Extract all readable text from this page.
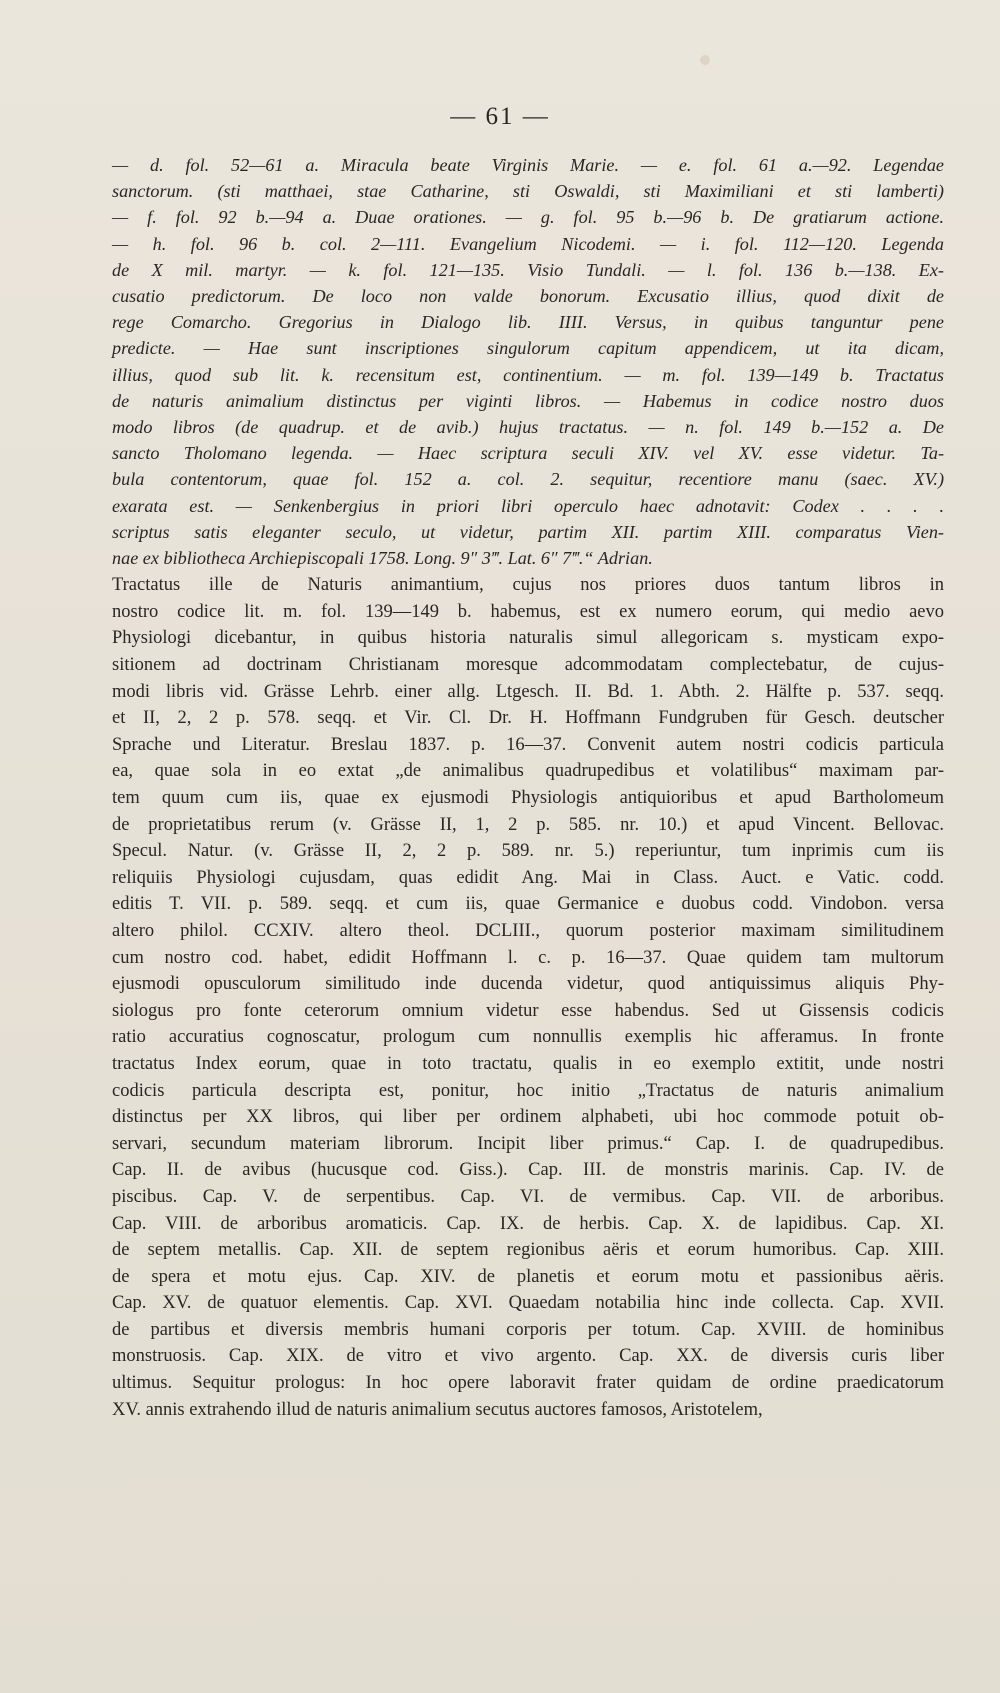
— 61 —
— d. fol. 52—61 a. Miracula beate Virginis Marie. — e. fol. 61 a.—92. Legendae
sanctorum. (sti matthaei, stae Catharine, sti Oswaldi, sti Maximiliani et sti lamberti)
— f. fol. 92 b.—94 a. Duae orationes. — g. fol. 95 b.—96 b. De gratiarum actione.
— h. fol. 96 b. col. 2—111. Evangelium Nicodemi. — i. fol. 112—120. Legenda
de X mil. martyr. — k. fol. 121—135. Visio Tundali. — l. fol. 136 b.—138. Ex-
cusatio predictorum. De loco non valde bonorum. Excusatio illius, quod dixit de
rege Comarcho. Gregorius in Dialogo lib. IIII. Versus, in quibus tanguntur pene
predicte. — Hae sunt inscriptiones singulorum capitum appendicem, ut ita dicam,
illius, quod sub lit. k. recensitum est, continentium. — m. fol. 139—149 b. Tractatus
de naturis animalium distinctus per viginti libros. — Habemus in codice nostro duos
modo libros (de quadrup. et de avib.) hujus tractatus. — n. fol. 149 b.—152 a. De
sancto Tholomano legenda. — Haec scriptura seculi XIV. vel XV. esse videtur. Ta-
bula contentorum, quae fol. 152 a. col. 2. sequitur, recentiore manu (saec. XV.)
exarata est. — Senkenbergius in priori libri operculo haec adnotavit: Codex . . . .
scriptus satis eleganter seculo, ut videtur, partim XII. partim XIII. comparatus Vien-
nae ex bibliotheca Archiepiscopali 1758. Long. 9″ 3‴. Lat. 6″ 7‴.“ Adrian.
Tractatus ille de Naturis animantium, cujus nos priores duos tantum libros in
nostro codice lit. m. fol. 139—149 b. habemus, est ex numero eorum, qui medio aevo
Physiologi dicebantur, in quibus historia naturalis simul allegoricam s. mysticam expo-
sitionem ad doctrinam Christianam moresque adcommodatam complectebatur, de cujus-
modi libris vid. Grässe Lehrb. einer allg. Ltgesch. II. Bd. 1. Abth. 2. Hälfte p. 537. seqq.
et II, 2, 2 p. 578. seqq. et Vir. Cl. Dr. H. Hoffmann Fundgruben für Gesch. deutscher
Sprache und Literatur. Breslau 1837. p. 16—37. Convenit autem nostri codicis particula
ea, quae sola in eo extat „de animalibus quadrupedibus et volatilibus“ maximam par-
tem quum cum iis, quae ex ejusmodi Physiologis antiquioribus et apud Bartholomeum
de proprietatibus rerum (v. Grässe II, 1, 2 p. 585. nr. 10.) et apud Vincent. Bellovac.
Specul. Natur. (v. Grässe II, 2, 2 p. 589. nr. 5.) reperiuntur, tum inprimis cum iis
reliquiis Physiologi cujusdam, quas edidit Ang. Mai in Class. Auct. e Vatic. codd.
editis T. VII. p. 589. seqq. et cum iis, quae Germanice e duobus codd. Vindobon. versa
altero philol. CCXIV. altero theol. DCLIII., quorum posterior maximam similitudinem
cum nostro cod. habet, edidit Hoffmann l. c. p. 16—37. Quae quidem tam multorum
ejusmodi opusculorum similitudo inde ducenda videtur, quod antiquissimus aliquis Phy-
siologus pro fonte ceterorum omnium videtur esse habendus. Sed ut Gissensis codicis
ratio accuratius cognoscatur, prologum cum nonnullis exemplis hic afferamus. In fronte
tractatus Index eorum, quae in toto tractatu, qualis in eo exemplo extitit, unde nostri
codicis particula descripta est, ponitur, hoc initio „Tractatus de naturis animalium
distinctus per XX libros, qui liber per ordinem alphabeti, ubi hoc commode potuit ob-
servari, secundum materiam librorum. Incipit liber primus.“ Cap. I. de quadrupedibus.
Cap. II. de avibus (hucusque cod. Giss.). Cap. III. de monstris marinis. Cap. IV. de
piscibus. Cap. V. de serpentibus. Cap. VI. de vermibus. Cap. VII. de arboribus.
Cap. VIII. de arboribus aromaticis. Cap. IX. de herbis. Cap. X. de lapidibus. Cap. XI.
de septem metallis. Cap. XII. de septem regionibus aëris et eorum humoribus. Cap. XIII.
de spera et motu ejus. Cap. XIV. de planetis et eorum motu et passionibus aëris.
Cap. XV. de quatuor elementis. Cap. XVI. Quaedam notabilia hinc inde collecta. Cap. XVII.
de partibus et diversis membris humani corporis per totum. Cap. XVIII. de hominibus
monstruosis. Cap. XIX. de vitro et vivo argento. Cap. XX. de diversis curis liber
ultimus. Sequitur prologus: In hoc opere laboravit frater quidam de ordine praedicatorum
XV. annis extrahendo illud de naturis animalium secutus auctores famosos, Aristotelem,
